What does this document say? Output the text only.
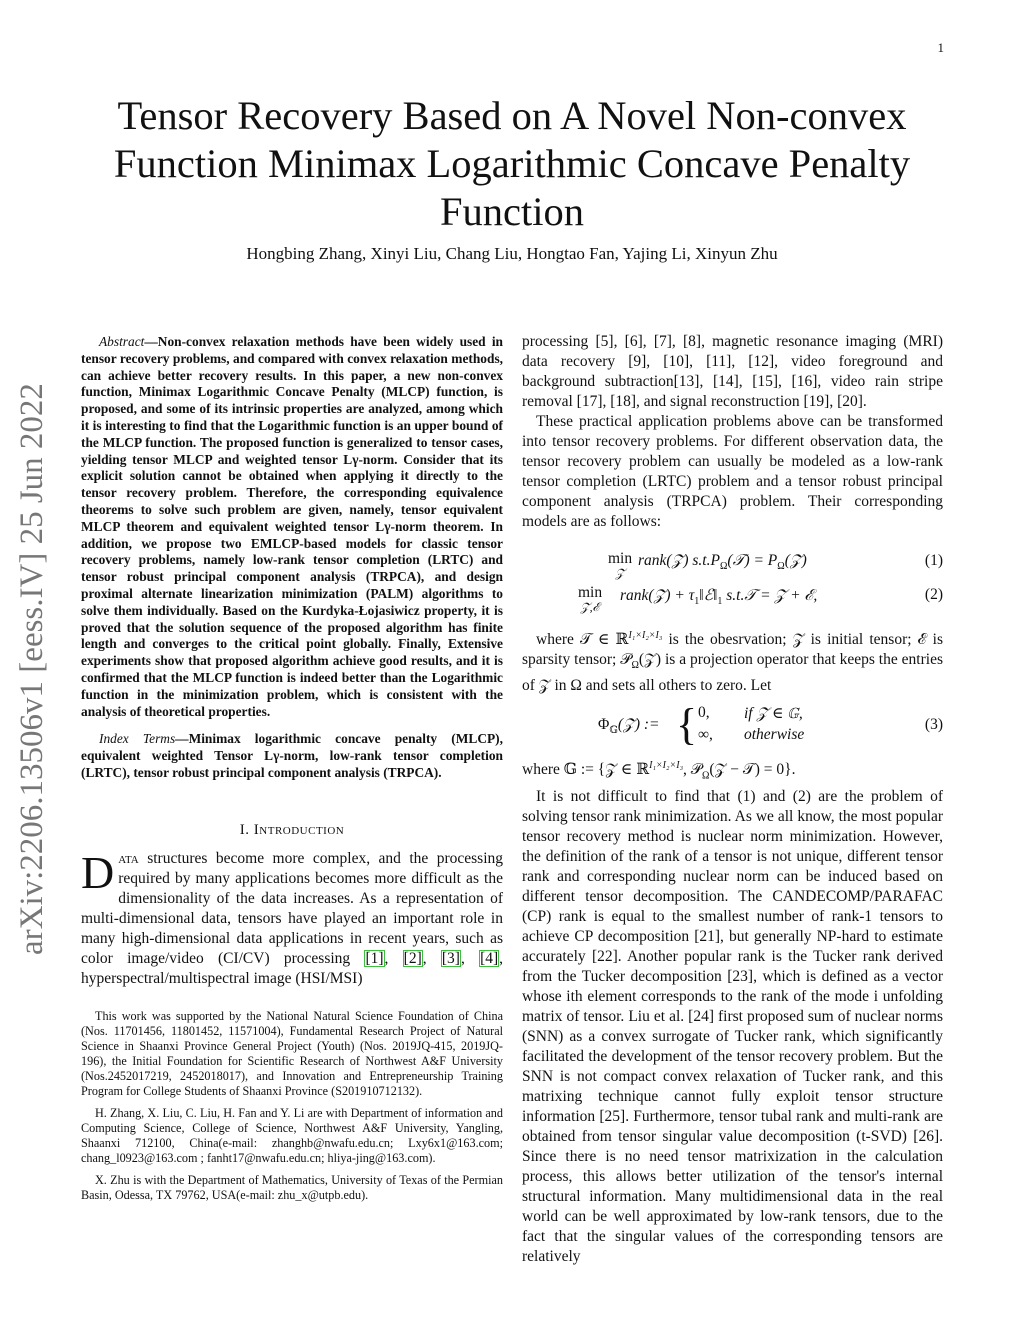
1
arXiv:2206.13506v1 [eess.IV] 25 Jun 2022
Tensor Recovery Based on A Novel Non-convex
Function Minimax Logarithmic Concave Penalty
Function
Hongbing Zhang, Xinyi Liu, Chang Liu, Hongtao Fan, Yajing Li, Xinyun Zhu

Abstract—Non-convex relaxation methods have been widely used in tensor recovery problems, and compared with convex relaxation methods, can achieve better recovery results. In this paper, a new non-convex function, Minimax Logarithmic Concave Penalty (MLCP) function, is proposed, and some of its intrinsic properties are analyzed, among which it is interesting to find that the Logarithmic function is an upper bound of the MLCP function. The proposed function is generalized to tensor cases, yielding tensor MLCP and weighted tensor Lγ-norm. Consider that its explicit solution cannot be obtained when applying it directly to the tensor recovery problem. Therefore, the corresponding equivalence theorems to solve such problem are given, namely, tensor equivalent MLCP theorem and equivalent weighted tensor Lγ-norm theorem. In addition, we propose two EMLCP-based models for classic tensor recovery problems, namely low-rank tensor completion (LRTC) and tensor robust principal component analysis (TRPCA), and design proximal alternate linearization minimization (PALM) algorithms to solve them individually. Based on the Kurdyka-Łojasiwicz property, it is proved that the solution sequence of the proposed algorithm has finite length and converges to the critical point globally. Finally, Extensive experiments show that proposed algorithm achieve good results, and it is confirmed that the MLCP function is indeed better than the Logarithmic function in the minimization problem, which is consistent with the analysis of theoretical properties.

Index Terms—Minimax logarithmic concave penalty (MLCP), equivalent weighted Tensor Lγ-norm, low-rank tensor completion (LRTC), tensor robust principal component analysis (TRPCA).

I. Introduction

Data structures become more complex, and the processing required by many applications becomes more difficult as the dimensionality of the data increases. As a representation of multi-dimensional data, tensors have played an important role in many high-dimensional data applications in recent years, such as color image/video (CI/CV) processing [1], [2], [3], [4], hyperspectral/multispectral image (HSI/MSI)

This work was supported by the National Natural Science Foundation of China (Nos. 11701456, 11801452, 11571004), Fundamental Research Project of Natural Science in Shaanxi Province General Project (Youth) (Nos. 2019JQ-415, 2019JQ-196), the Initial Foundation for Scientific Research of Northwest A&F University (Nos.2452017219, 2452018017), and Innovation and Entrepreneurship Training Program for College Students of Shaanxi Province (S201910712132).

H. Zhang, X. Liu, C. Liu, H. Fan and Y. Li are with Department of information and Computing Science, College of Science, Northwest A&F University, Yangling, Shaanxi 712100, China(e-mail: zhanghb@nwafu.edu.cn; Lxy6x1@163.com; chang_l0923@163.com ; fanht17@nwafu.edu.cn; hliya-jing@163.com).

X. Zhu is with the Department of Mathematics, University of Texas of the Permian Basin, Odessa, TX 79762, USA(e-mail: zhu_x@utpb.edu).

processing [5], [6], [7], [8], magnetic resonance imaging (MRI) data recovery [9], [10], [11], [12], video foreground and background subtraction[13], [14], [15], [16], video rain stripe removal [17], [18], and signal reconstruction [19], [20].

These practical application problems above can be transformed into tensor recovery problems. For different observation data, the tensor recovery problem can usually be modeled as a low-rank tensor completion (LRTC) problem and a tensor robust principal component analysis (TRPCA) problem. Their corresponding models are as follows:

min
𝒵
rank(𝒵) $s.t.P_\Omega(𝒯)$ = $P_\Omega(𝒵)$	(1)
min
𝒵,ℰ
rank(𝒵) + $\tau_1‖ℰ‖_1$ s.t.𝒯 = 𝒵 + ℰ,	(2)

where 𝒯 ∈ ℝ$^{I_1\times I_2\times I_3}$ is the obesrvation; 𝒵 is initial tensor; ℰ is sparsity tensor; 𝒫$_\Omega$(𝒵) is a projection operator that keeps the entries of 𝒵 in Ω and sets all others to zero. Let

$\Phi_𝔾(𝒵)$ := { 0, if 𝒵 ∈ 𝔾,
∞, otherwise
(3)

where 𝔾 := {𝒵 ∈ ℝ$^{I_1\times I_2\times I_3}$, 𝒫$_\Omega$(𝒵 − 𝒯) = 0}.

It is not difficult to find that (1) and (2) are the problem of solving tensor rank minimization. As we all know, the most popular tensor recovery method is nuclear norm minimization. However, the definition of the rank of a tensor is not unique, different tensor rank and corresponding nuclear norm can be induced based on different tensor decomposition. The CANDECOMP/PARAFAC (CP) rank is equal to the smallest number of rank-1 tensors to achieve CP decomposition [21], but generally NP-hard to estimate accurately [22]. Another popular rank is the Tucker rank derived from the Tucker decomposition [23], which is defined as a vector whose ith element corresponds to the rank of the mode i unfolding matrix of tensor. Liu et al. [24] first proposed sum of nuclear norms (SNN) as a convex surrogate of Tucker rank, which significantly facilitated the development of the tensor recovery problem. But the SNN is not compact convex relaxation of Tucker rank, and this matrixing technique cannot fully exploit tensor structure information [25]. Furthermore, tensor tubal rank and multi-rank are obtained from tensor singular value decomposition (t-SVD) [26]. Since there is no need tensor matrixization in the calculation process, this allows better utilization of the tensor's internal structural information. Many multidimensional data in the real world can be well approximated by low-rank tensors, due to the fact that the singular values of the corresponding tensors are relatively
